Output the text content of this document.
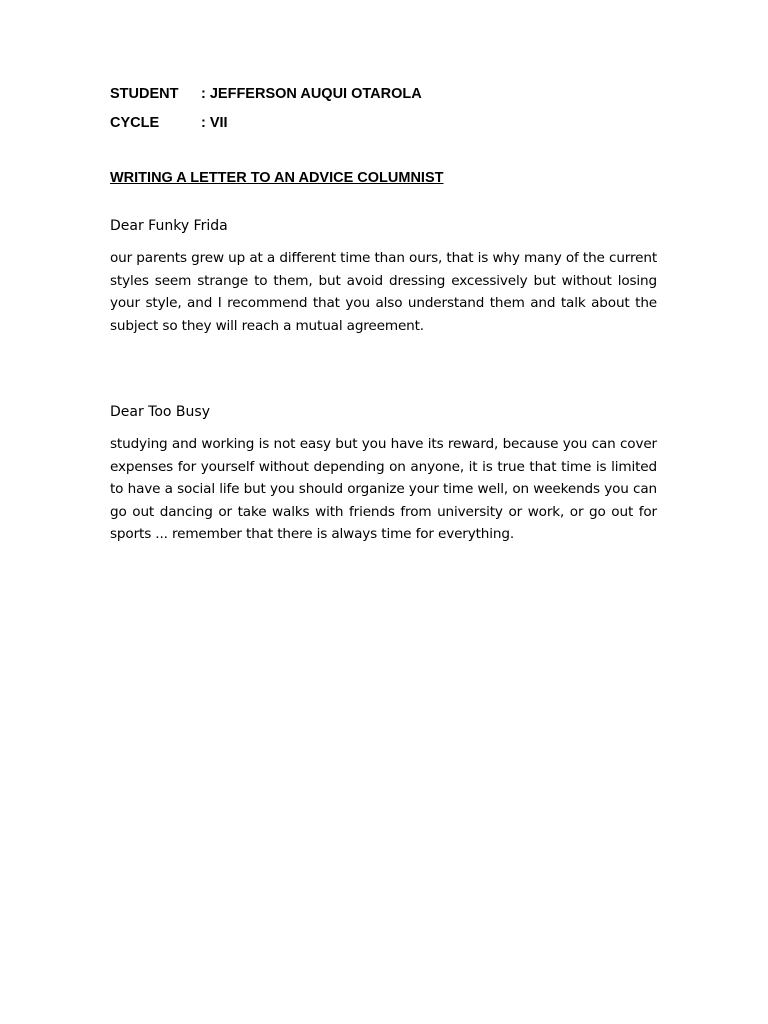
STUDENT : JEFFERSON AUQUI OTAROLA
CYCLE	: VII
WRITING A LETTER TO AN ADVICE COLUMNIST
Dear Funky Frida
our parents grew up at a different time than ours, that is why many of the current styles seem strange to them, but avoid dressing excessively but without losing your style, and I recommend that you also understand them and talk about the subject so they will reach a mutual agreement.
Dear Too Busy
studying and working is not easy but you have its reward, because you can cover expenses for yourself without depending on anyone, it is true that time is limited to have a social life but you should organize your time well, on weekends you can go out dancing or take walks with friends from university or work, or go out for sports ... remember that there is always time for everything.
